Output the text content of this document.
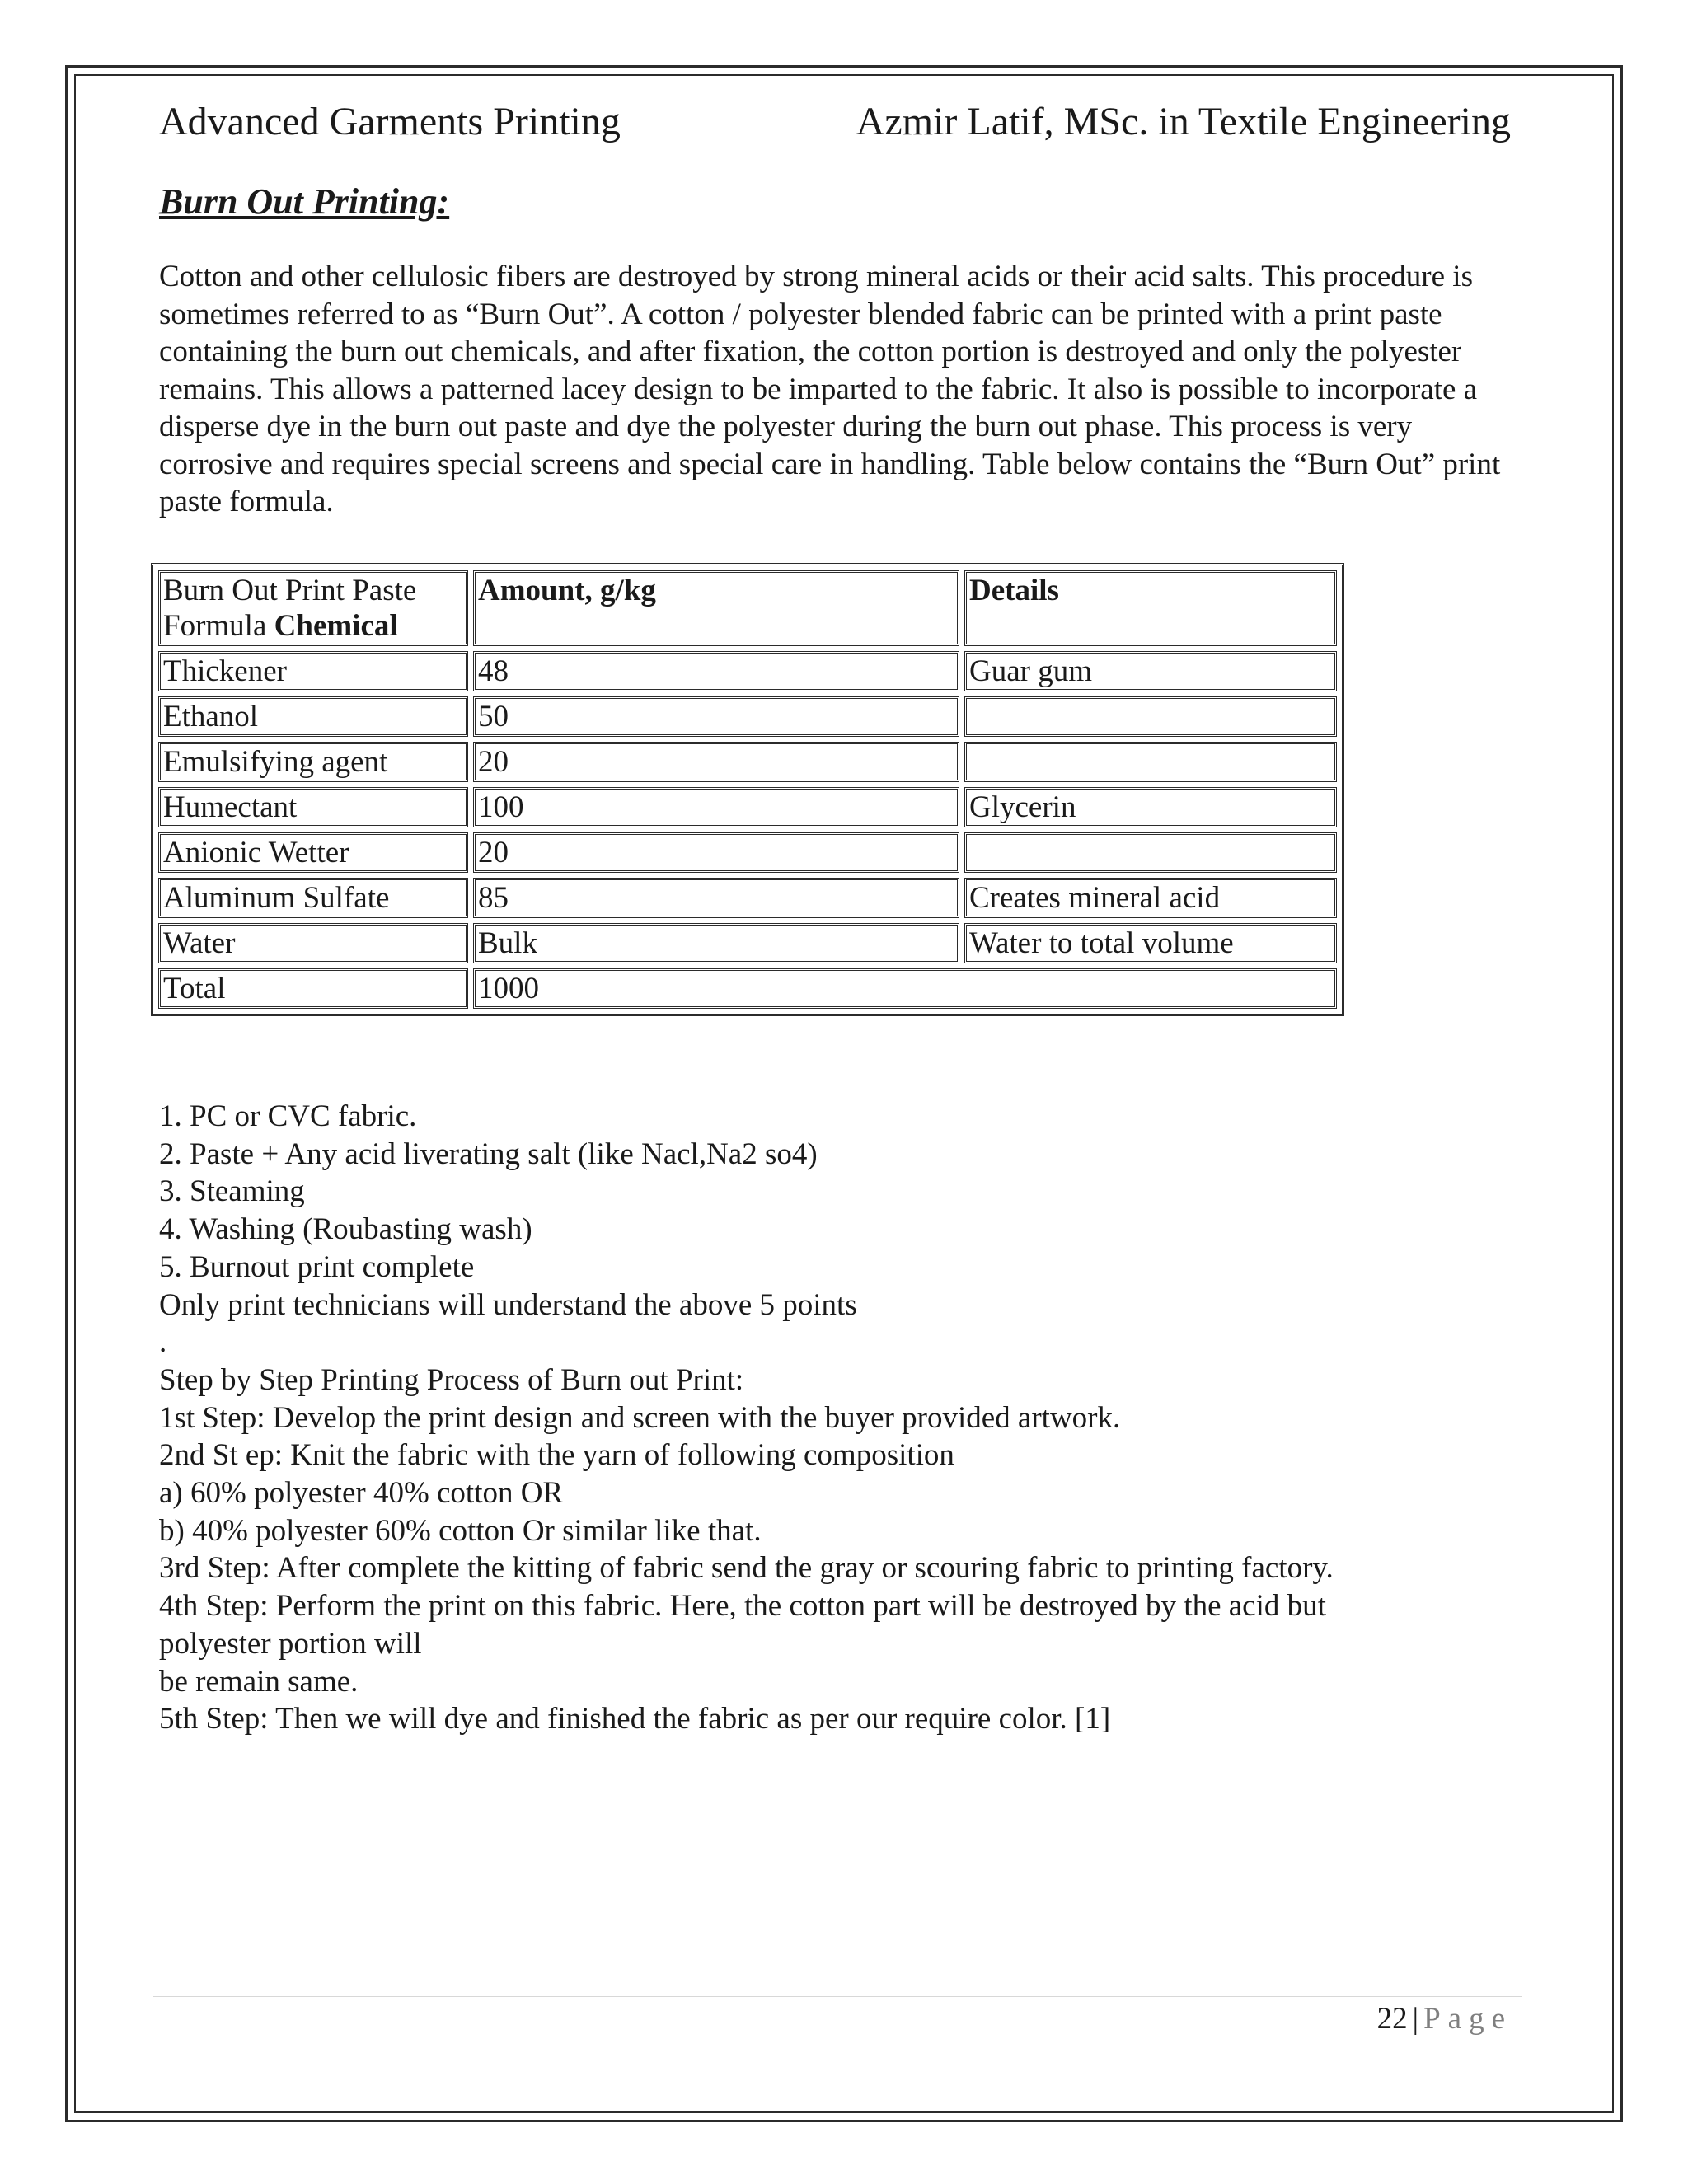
Advanced Garments Printing	Azmir Latif, MSc. in Textile Engineering
Burn Out Printing:

Cotton and other cellulosic fibers are destroyed by strong mineral acids or their acid salts. This procedure is sometimes referred to as “Burn Out”. A cotton / polyester blended fabric can be printed with a print paste containing the burn out chemicals, and after fixation, the cotton portion is destroyed and only the polyester remains. This allows a patterned lacey design to be imparted to the fabric. It also is possible to incorporate a disperse dye in the burn out paste and dye the polyester during the burn out phase. This process is very corrosive and requires special screens and special care in handling. Table below contains the “Burn Out” print paste formula.

Burn Out Print Paste Formula Chemical	Amount, g/kg	Details
Thickener	48	Guar gum
Ethanol	50	
Emulsifying agent	20	
Humectant	100	Glycerin
Anionic Wetter	20	
Aluminum Sulfate	85	Creates mineral acid
Water	Bulk	Water to total volume
Total	1000	
1. PC or CVC fabric.
2. Paste + Any acid liverating salt (like Nacl,Na2 so4)
3. Steaming
4. Washing (Roubasting wash)
5. Burnout print complete
Only print technicians will understand the above 5 points
.
Step by Step Printing Process of Burn out Print:
1st Step: Develop the print design and screen with the buyer provided artwork.
2nd St ep: Knit the fabric with the yarn of following composition
a) 60% polyester 40% cotton OR
b) 40% polyester 60% cotton Or similar like that.
3rd Step: After complete the kitting of fabric send the gray or scouring fabric to printing factory.
4th Step: Perform the print on this fabric. Here, the cotton part will be destroyed by the acid but
polyester portion will
be remain same.
5th Step: Then we will dye and finished the fabric as per our require color. [1]
22 | Page
